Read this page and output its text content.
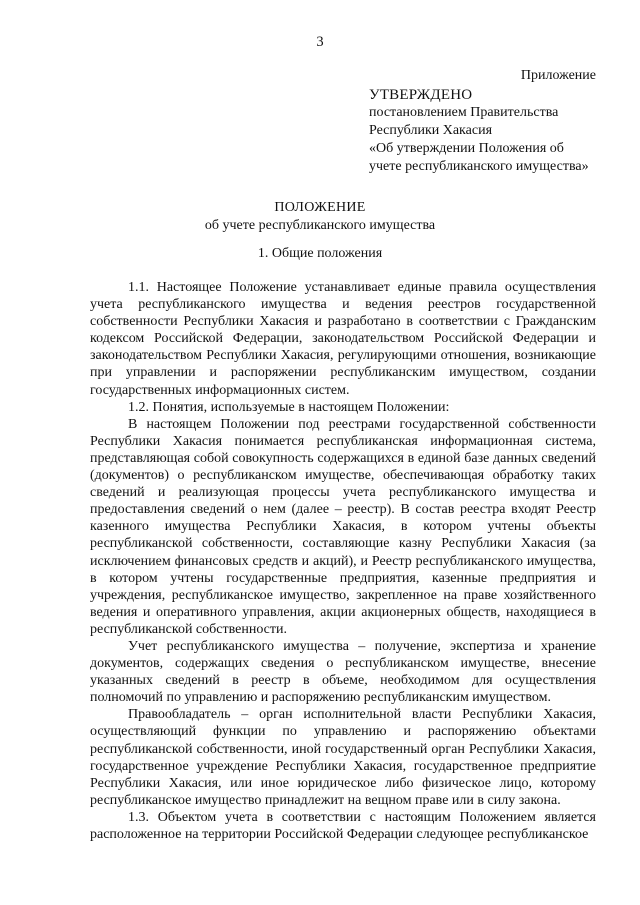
3
Приложение
УТВЕРЖДЕНО
постановлением Правительства
Республики Хакасия
«Об утверждении Положения об
учете республиканского имущества»
ПОЛОЖЕНИЕ
об учете республиканского имущества
1. Общие положения

1.1. Настоящее Положение устанавливает единые правила осуществления учета республиканского имущества и ведения реестров государственной собственности Республики Хакасия и разработано в соответствии с Гражданским кодексом Российской Федерации, законодательством Российской Федерации и законодательством Республики Хакасия, регулирующими отношения, возникающие при управлении и распоряжении республиканским имуществом, создании государственных информационных систем.

1.2. Понятия, используемые в настоящем Положении:

В настоящем Положении под реестрами государственной собственности Республики Хакасия понимается республиканская информационная система, представляющая собой совокупность содержащихся в единой базе данных сведений (документов) о республиканском имуществе, обеспечивающая обработку таких сведений и реализующая процессы учета республиканского имущества и предоставления сведений о нем (далее – реестр). В состав реестра входят Реестр казенного имущества Республики Хакасия, в котором учтены объекты республиканской собственности, составляющие казну Республики Хакасия (за исключением финансовых средств и акций), и Реестр республиканского имущества, в котором учтены государственные предприятия, казенные предприятия и учреждения, республиканское имущество, закрепленное на праве хозяйственного ведения и оперативного управления, акции акционерных обществ, находящиеся в республиканской собственности.

Учет республиканского имущества – получение, экспертиза и хранение документов, содержащих сведения о республиканском имуществе, внесение указанных сведений в реестр в объеме, необходимом для осуществления полномочий по управлению и распоряжению республиканским имуществом.

Правообладатель – орган исполнительной власти Республики Хакасия, осуществляющий функции по управлению и распоряжению объектами республиканской собственности, иной государственный орган Республики Хакасия, государственное учреждение Республики Хакасия, государственное предприятие Республики Хакасия, или иное юридическое либо физическое лицо, которому республиканское имущество принадлежит на вещном праве или в силу закона.

1.3. Объектом учета в соответствии с настоящим Положением является расположенное на территории Российской Федерации следующее республиканское
